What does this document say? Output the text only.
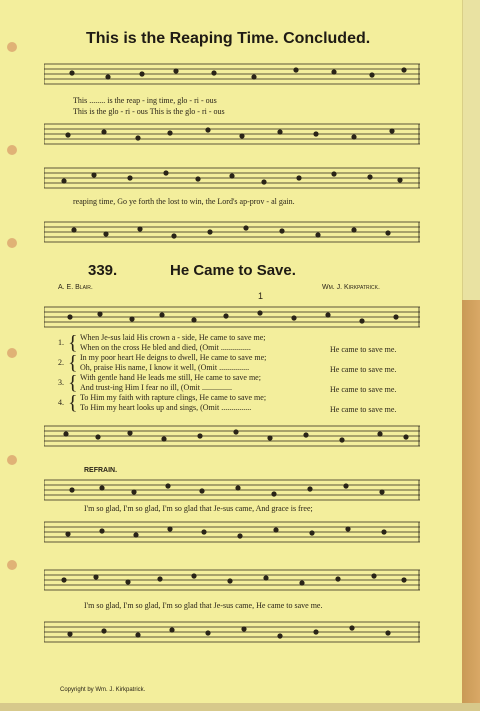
This is the Reaping Time. Concluded.
This ........ is the reap - ing time, glo - ri - ous
This is the glo - ri - ous This is the glo - ri - ous
reaping time, Go ye forth the lost to win, the Lord's ap-prov - al gain.
339.	He Came to Save.
A. E. Blair.	Wm. J. Kirkpatrick.
1
1. { When Je-sus laid His crown a - side, He came to save me;
When on the cross He bled and died, (Omit ...............
2. { In my poor heart He deigns to dwell, He came to save me;
Oh, praise His name, I know it well, (Omit ...............
3. { With gentle hand He leads me still, He came to save me;
And trust-ing Him I fear no ill, (Omit ...............
4. { To Him my faith with rapture clings, He came to save me;
To Him my heart looks up and sings, (Omit ...............
He came to save me.
He came to save me.
He came to save me.
He came to save me.
REFRAIN.
I'm so glad, I'm so glad, I'm so glad that Je-sus came, And grace is free;
I'm so glad, I'm so glad, I'm so glad that Je-sus came, He came to save me.
Copyright by Wm. J. Kirkpatrick.
